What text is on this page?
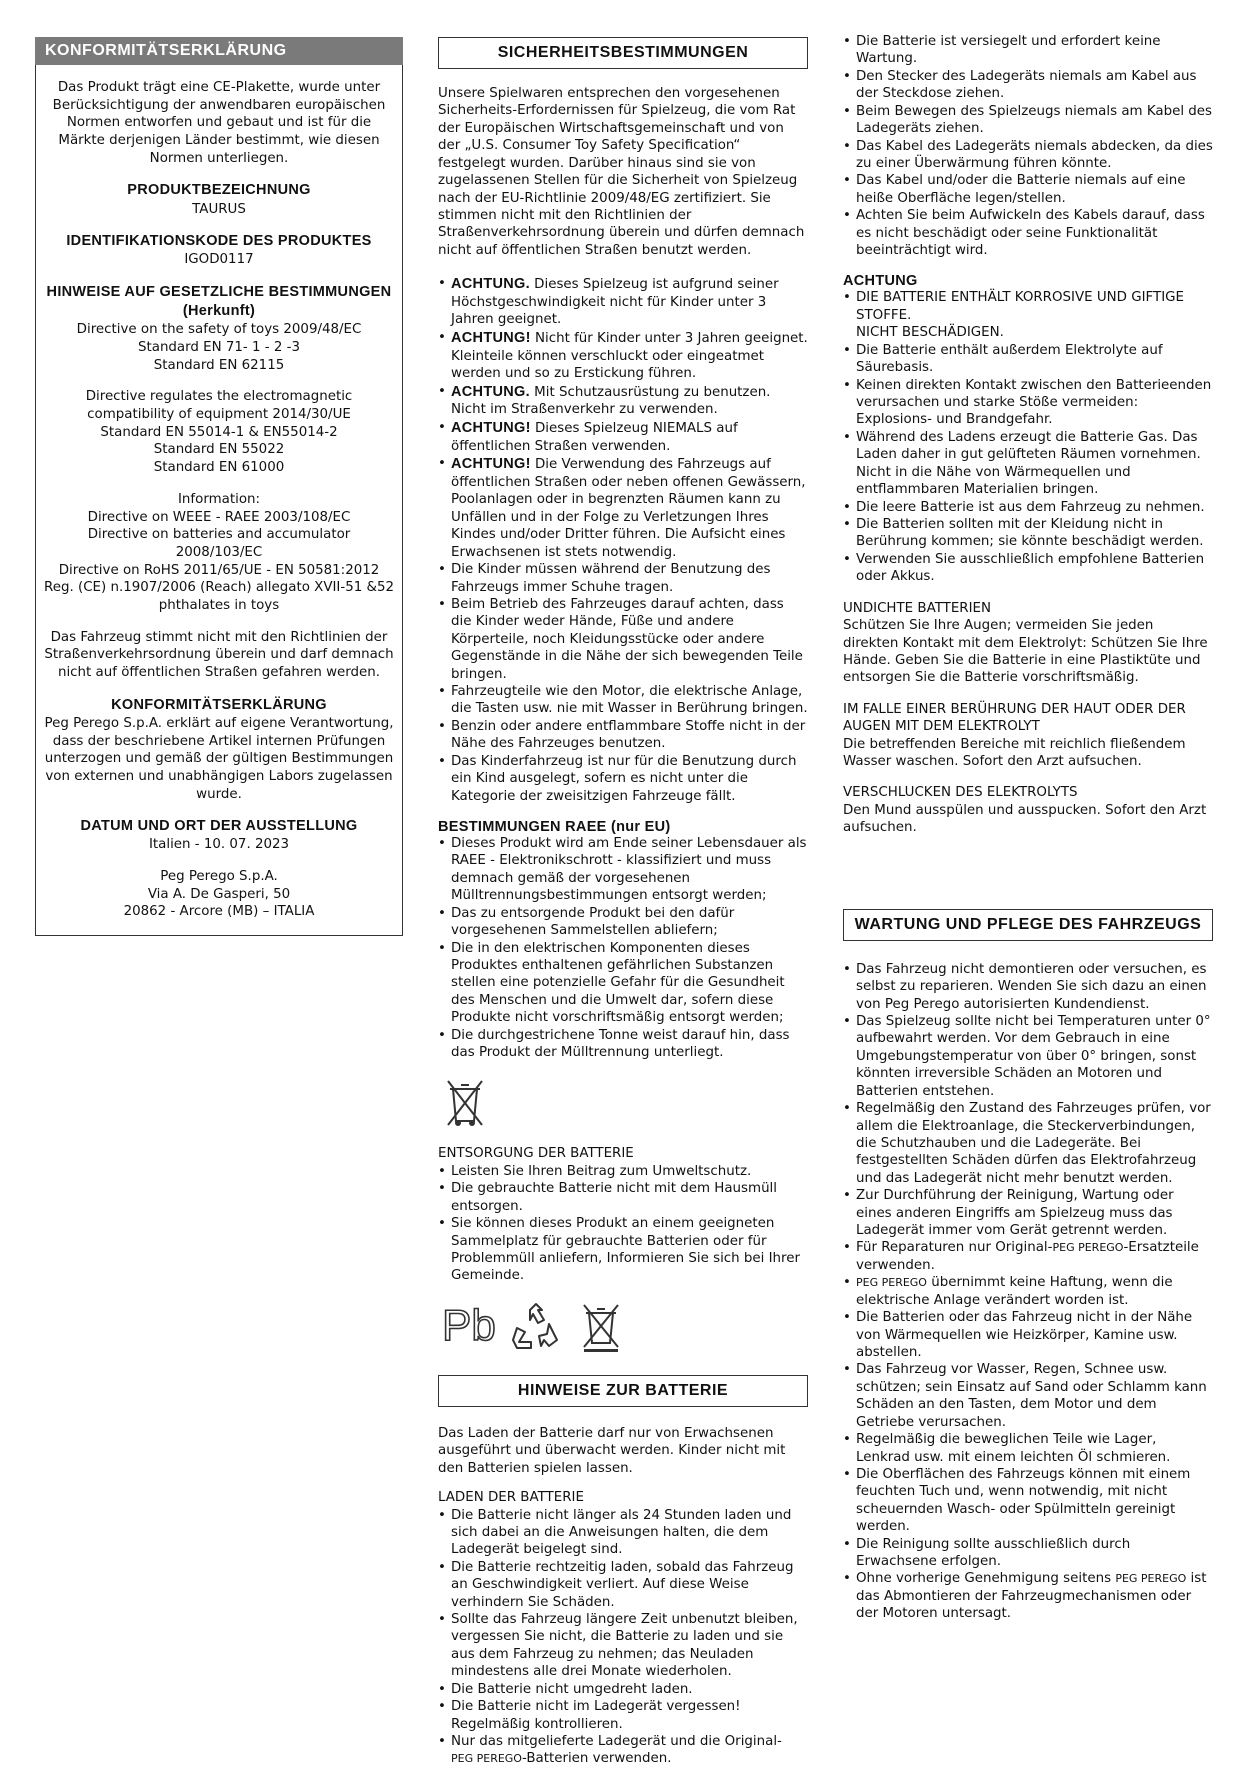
KONFORMITÄTSERKLÄRUNG

Das Produkt trägt eine CE-Plakette, wurde unter Berücksichtigung der anwendbaren europäischen Normen entworfen und gebaut und ist für die Märkte derjenigen Länder bestimmt, wie diesen Normen unterliegen.

PRODUKTBEZEICHNUNG
TAURUS

IDENTIFIKATIONSKODE DES PRODUKTES
IGOD0117

HINWEISE AUF GESETZLICHE BESTIMMUNGEN (Herkunft)
Directive on the safety of toys 2009/48/EC
Standard EN 71- 1 - 2 -3
Standard EN 62115

Directive regulates the electromagnetic compatibility of equipment 2014/30/UE
Standard EN 55014-1 & EN55014-2
Standard EN 55022
Standard EN 61000

Information:
Directive on WEEE - RAEE 2003/108/EC
Directive on batteries and accumulator 2008/103/EC
Directive on RoHS 2011/65/UE - EN 50581:2012
Reg. (CE) n.1907/2006 (Reach) allegato XVII-51 &52 phthalates in toys

Das Fahrzeug stimmt nicht mit den Richtlinien der Straßenverkehrsordnung überein und darf demnach nicht auf öffentlichen Straßen gefahren werden.

KONFORMITÄTSERKLÄRUNG
Peg Perego S.p.A. erklärt auf eigene Verantwortung, dass der beschriebene Artikel internen Prüfungen unterzogen und gemäß der gültigen Bestimmungen von externen und unabhängigen Labors zugelassen wurde.

DATUM UND ORT DER AUSSTELLUNG
Italien - 10. 07. 2023

Peg Perego S.p.A.
Via A. De Gasperi, 50
20862 - Arcore (MB) – ITALIA

SICHERHEITSBESTIMMUNGEN

Unsere Spielwaren entsprechen den vorgesehenen Sicherheits-Erfordernissen für Spielzeug, die vom Rat der Europäischen Wirtschaftsgemeinschaft und von der „U.S. Consumer Toy Safety Specification“ festgelegt wurden. Darüber hinaus sind sie von zugelassenen Stellen für die Sicherheit von Spielzeug nach der EU-Richtlinie 2009/48/EG zertifiziert. Sie stimmen nicht mit den Richtlinien der Straßenverkehrsordnung überein und dürfen demnach nicht auf öffentlichen Straßen benutzt werden.

• ACHTUNG. Dieses Spielzeug ist aufgrund seiner Höchstgeschwindigkeit nicht für Kinder unter 3 Jahren geeignet.
• ACHTUNG! Nicht für Kinder unter 3 Jahren geeignet. Kleinteile können verschluckt oder eingeatmet werden und so zu Erstickung führen.
• ACHTUNG. Mit Schutzausrüstung zu benutzen. Nicht im Straßenverkehr zu verwenden.
• ACHTUNG! Dieses Spielzeug NIEMALS auf öffentlichen Straßen verwenden.
• ACHTUNG! Die Verwendung des Fahrzeugs auf öffentlichen Straßen oder neben offenen Gewässern, Poolanlagen oder in begrenzten Räumen kann zu Unfällen und in der Folge zu Verletzungen Ihres Kindes und/oder Dritter führen. Die Aufsicht eines Erwachsenen ist stets notwendig.
• Die Kinder müssen während der Benutzung des Fahrzeugs immer Schuhe tragen.
• Beim Betrieb des Fahrzeuges darauf achten, dass die Kinder weder Hände, Füße und andere Körperteile, noch Kleidungsstücke oder andere Gegenstände in die Nähe der sich bewegenden Teile bringen.
• Fahrzeugteile wie den Motor, die elektrische Anlage, die Tasten usw. nie mit Wasser in Berührung bringen.
• Benzin oder andere entflammbare Stoffe nicht in der Nähe des Fahrzeuges benutzen.
• Das Kinderfahrzeug ist nur für die Benutzung durch ein Kind ausgelegt, sofern es nicht unter die Kategorie der zweisitzigen Fahrzeuge fällt.

BESTIMMUNGEN RAEE (nur EU)

• Dieses Produkt wird am Ende seiner Lebensdauer als RAEE - Elektronikschrott - klassifiziert und muss demnach gemäß der vorgesehenen Mülltrennungsbestimmungen entsorgt werden;
• Das zu entsorgende Produkt bei den dafür vorgesehenen Sammelstellen abliefern;
• Die in den elektrischen Komponenten dieses Produktes enthaltenen gefährlichen Substanzen stellen eine potenzielle Gefahr für die Gesundheit des Menschen und die Umwelt dar, sofern diese Produkte nicht vorschriftsmäßig entsorgt werden;
• Die durchgestrichene Tonne weist darauf hin, dass das Produkt der Mülltrennung unterliegt.

ENTSORGUNG DER BATTERIE

• Leisten Sie Ihren Beitrag zum Umweltschutz.
• Die gebrauchte Batterie nicht mit dem Hausmüll entsorgen.
• Sie können dieses Produkt an einem geeigneten Sammelplatz für gebrauchte Batterien oder für Problemmüll anliefern, Informieren Sie sich bei Ihrer Gemeinde.
Pb
HINWEISE ZUR BATTERIE

Das Laden der Batterie darf nur von Erwachsenen ausgeführt und überwacht werden. Kinder nicht mit den Batterien spielen lassen.

LADEN DER BATTERIE

• Die Batterie nicht länger als 24 Stunden laden und sich dabei an die Anweisungen halten, die dem Ladegerät beigelegt sind.
• Die Batterie rechtzeitig laden, sobald das Fahrzeug an Geschwindigkeit verliert. Auf diese Weise verhindern Sie Schäden.
• Sollte das Fahrzeug längere Zeit unbenutzt bleiben, vergessen Sie nicht, die Batterie zu laden und sie aus dem Fahrzeug zu nehmen; das Neuladen mindestens alle drei Monate wiederholen.
• Die Batterie nicht umgedreht laden.
• Die Batterie nicht im Ladegerät vergessen! Regelmäßig kontrollieren.
• Nur das mitgelieferte Ladegerät und die Original-
PEG PEREGO-Batterien verwenden.
• Die Batterie ist versiegelt und erfordert keine Wartung.
• Den Stecker des Ladegeräts niemals am Kabel aus der Steckdose ziehen.
• Beim Bewegen des Spielzeugs niemals am Kabel des Ladegeräts ziehen.
• Das Kabel des Ladegeräts niemals abdecken, da dies zu einer Überwärmung führen könnte.
• Das Kabel und/oder die Batterie niemals auf eine heiße Oberfläche legen/stellen.
• Achten Sie beim Aufwickeln des Kabels darauf, dass es nicht beschädigt oder seine Funktionalität beeinträchtigt wird.

ACHTUNG

• DIE BATTERIE ENTHÄLT KORROSIVE UND GIFTIGE STOFFE.
NICHT BESCHÄDIGEN.
• Die Batterie enthält außerdem Elektrolyte auf Säurebasis.
• Keinen direkten Kontakt zwischen den Batterieenden verursachen und starke Stöße vermeiden: Explosions- und Brandgefahr.
• Während des Ladens erzeugt die Batterie Gas. Das Laden daher in gut gelüfteten Räumen vornehmen. Nicht in die Nähe von Wärmequellen und entflammbaren Materialien bringen.
• Die leere Batterie ist aus dem Fahrzeug zu nehmen.
• Die Batterien sollten mit der Kleidung nicht in Berührung kommen; sie könnte beschädigt werden.
• Verwenden Sie ausschließlich empfohlene Batterien oder Akkus.

UNDICHTE BATTERIEN

Schützen Sie Ihre Augen; vermeiden Sie jeden direkten Kontakt mit dem Elektrolyt: Schützen Sie Ihre Hände. Geben Sie die Batterie in eine Plastiktüte und entsorgen Sie die Batterie vorschriftsmäßig.

IM FALLE EINER BERÜHRUNG DER HAUT ODER DER AUGEN MIT DEM ELEKTROLYT

Die betreffenden Bereiche mit reichlich fließendem Wasser waschen. Sofort den Arzt aufsuchen.

VERSCHLUCKEN DES ELEKTROLYTS

Den Mund ausspülen und ausspucken. Sofort den Arzt aufsuchen.

WARTUNG UND PFLEGE DES FAHRZEUGS
• Das Fahrzeug nicht demontieren oder versuchen, es selbst zu reparieren. Wenden Sie sich dazu an einen von Peg Perego autorisierten Kundendienst.
• Das Spielzeug sollte nicht bei Temperaturen unter 0° aufbewahrt werden. Vor dem Gebrauch in eine Umgebungstemperatur von über 0° bringen, sonst könnten irreversible Schäden an Motoren und Batterien entstehen.
• Regelmäßig den Zustand des Fahrzeuges prüfen, vor allem die Elektroanlage, die Steckerverbindungen, die Schutzhauben und die Ladegeräte. Bei festgestellten Schäden dürfen das Elektrofahrzeug und das Ladegerät nicht mehr benutzt werden.
• Zur Durchführung der Reinigung, Wartung oder eines anderen Eingriffs am Spielzeug muss das Ladegerät immer vom Gerät getrennt werden.
• Für Reparaturen nur Original-PEG PEREGO-Ersatzteile verwenden.
• PEG PEREGO übernimmt keine Haftung, wenn die elektrische Anlage verändert worden ist.
• Die Batterien oder das Fahrzeug nicht in der Nähe von Wärmequellen wie Heizkörper, Kamine usw. abstellen.
• Das Fahrzeug vor Wasser, Regen, Schnee usw. schützen; sein Einsatz auf Sand oder Schlamm kann Schäden an den Tasten, dem Motor und dem Getriebe verursachen.
• Regelmäßig die beweglichen Teile wie Lager, Lenkrad usw. mit einem leichten Öl schmieren.
• Die Oberflächen des Fahrzeugs können mit einem feuchten Tuch und, wenn notwendig, mit nicht scheuernden Wasch- oder Spülmitteln gereinigt werden.
• Die Reinigung sollte ausschließlich durch Erwachsene erfolgen.
• Ohne vorherige Genehmigung seitens PEG PEREGO ist das Abmontieren der Fahrzeugmechanismen oder der Motoren untersagt.
